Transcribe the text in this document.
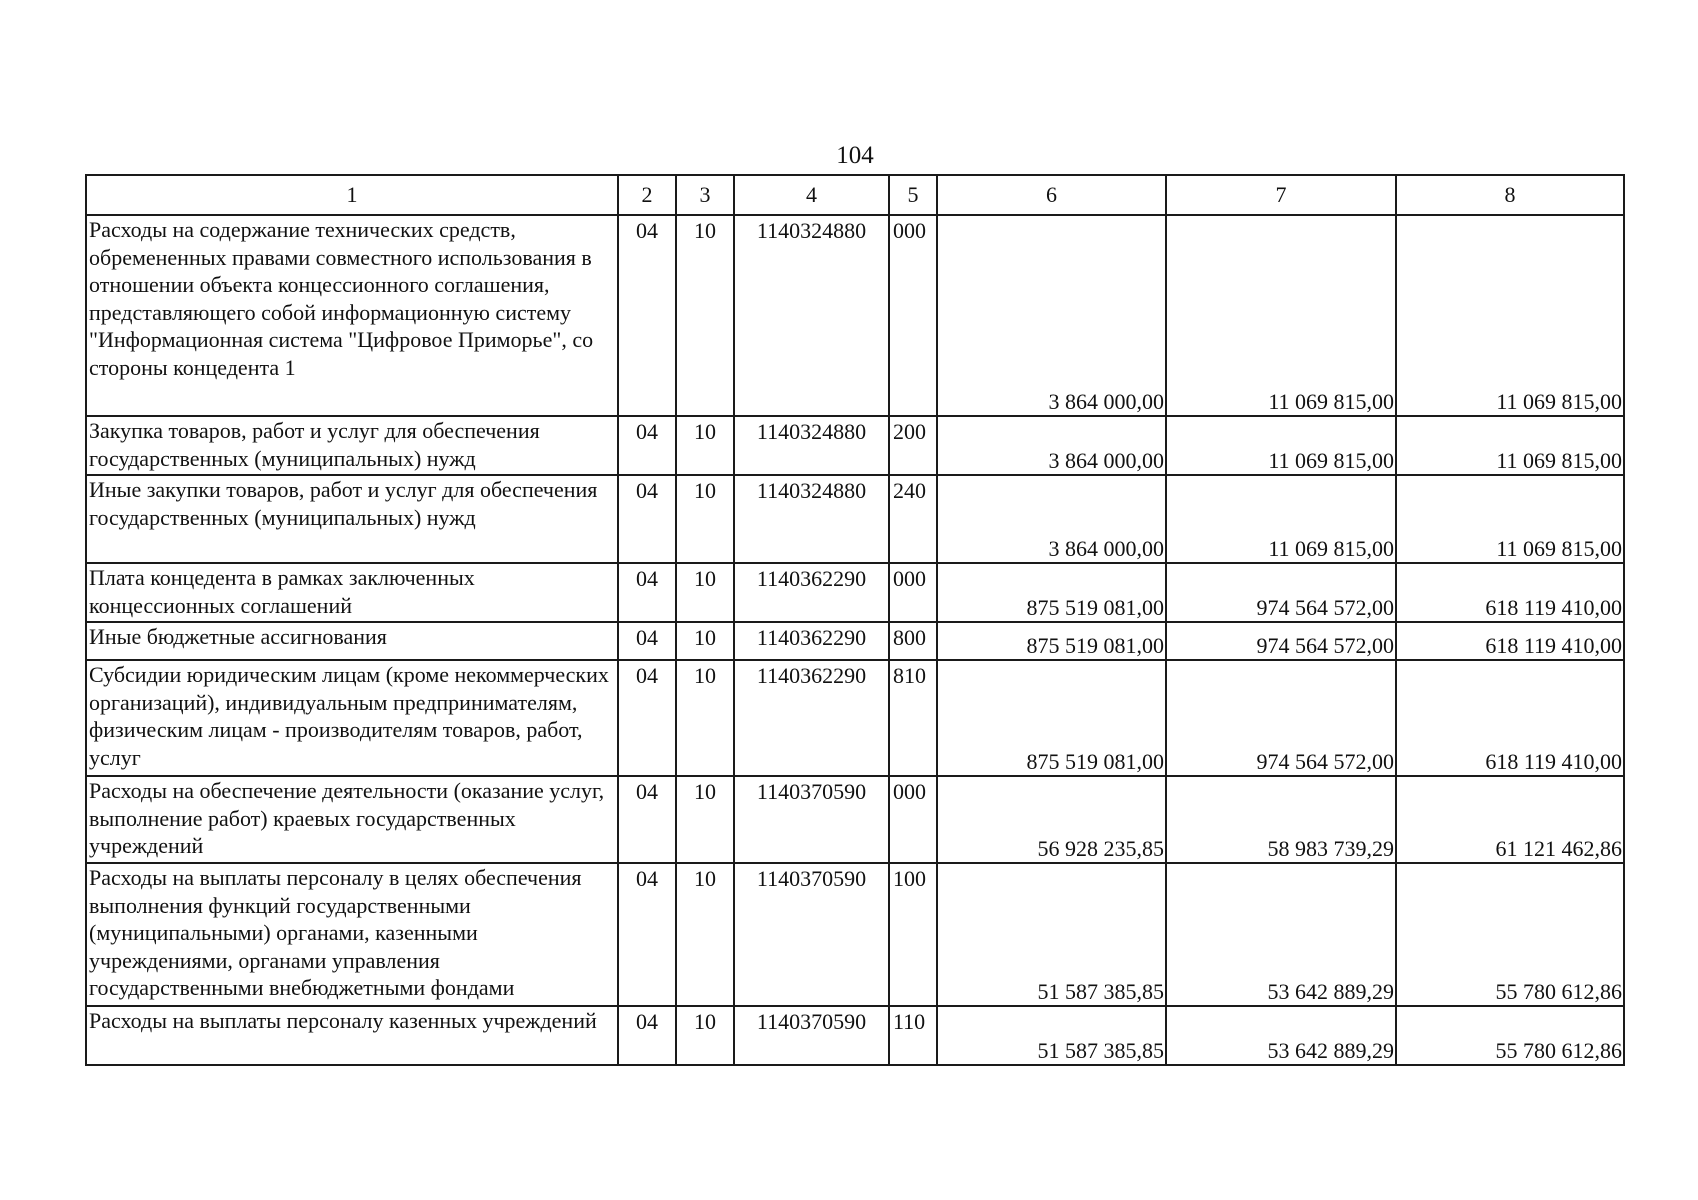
104
1	2	3	4	5	6	7	8
Расходы на содержание технических средств, обремененных правами совместного использования в отношении объекта концессионного соглашения, представляющего собой информационную систему "Информационная система "Цифровое Приморье", со стороны концедента 1	04	10	1140324880	000	3 864 000,00	11 069 815,00	11 069 815,00
Закупка товаров, работ и услуг для обеспечения государственных (муниципальных) нужд	04	10	1140324880	200	3 864 000,00	11 069 815,00	11 069 815,00
Иные закупки товаров, работ и услуг для обеспечения государственных (муниципальных) нужд	04	10	1140324880	240	3 864 000,00	11 069 815,00	11 069 815,00
Плата концедента в рамках заключенных концессионных соглашений	04	10	1140362290	000	875 519 081,00	974 564 572,00	618 119 410,00
Иные бюджетные ассигнования	04	10	1140362290	800	875 519 081,00	974 564 572,00	618 119 410,00
Субсидии юридическим лицам (кроме некоммерческих организаций), индивидуальным предпринимателям, физическим лицам - производителям товаров, работ, услуг	04	10	1140362290	810	875 519 081,00	974 564 572,00	618 119 410,00
Расходы на обеспечение деятельности (оказание услуг, выполнение работ) краевых государственных учреждений	04	10	1140370590	000	56 928 235,85	58 983 739,29	61 121 462,86
Расходы на выплаты персоналу в целях обеспечения выполнения функций государственными (муниципальными) органами, казенными учреждениями, органами управления государственными внебюджетными фондами	04	10	1140370590	100	51 587 385,85	53 642 889,29	55 780 612,86
Расходы на выплаты персоналу казенных учреждений	04	10	1140370590	110	51 587 385,85	53 642 889,29	55 780 612,86
